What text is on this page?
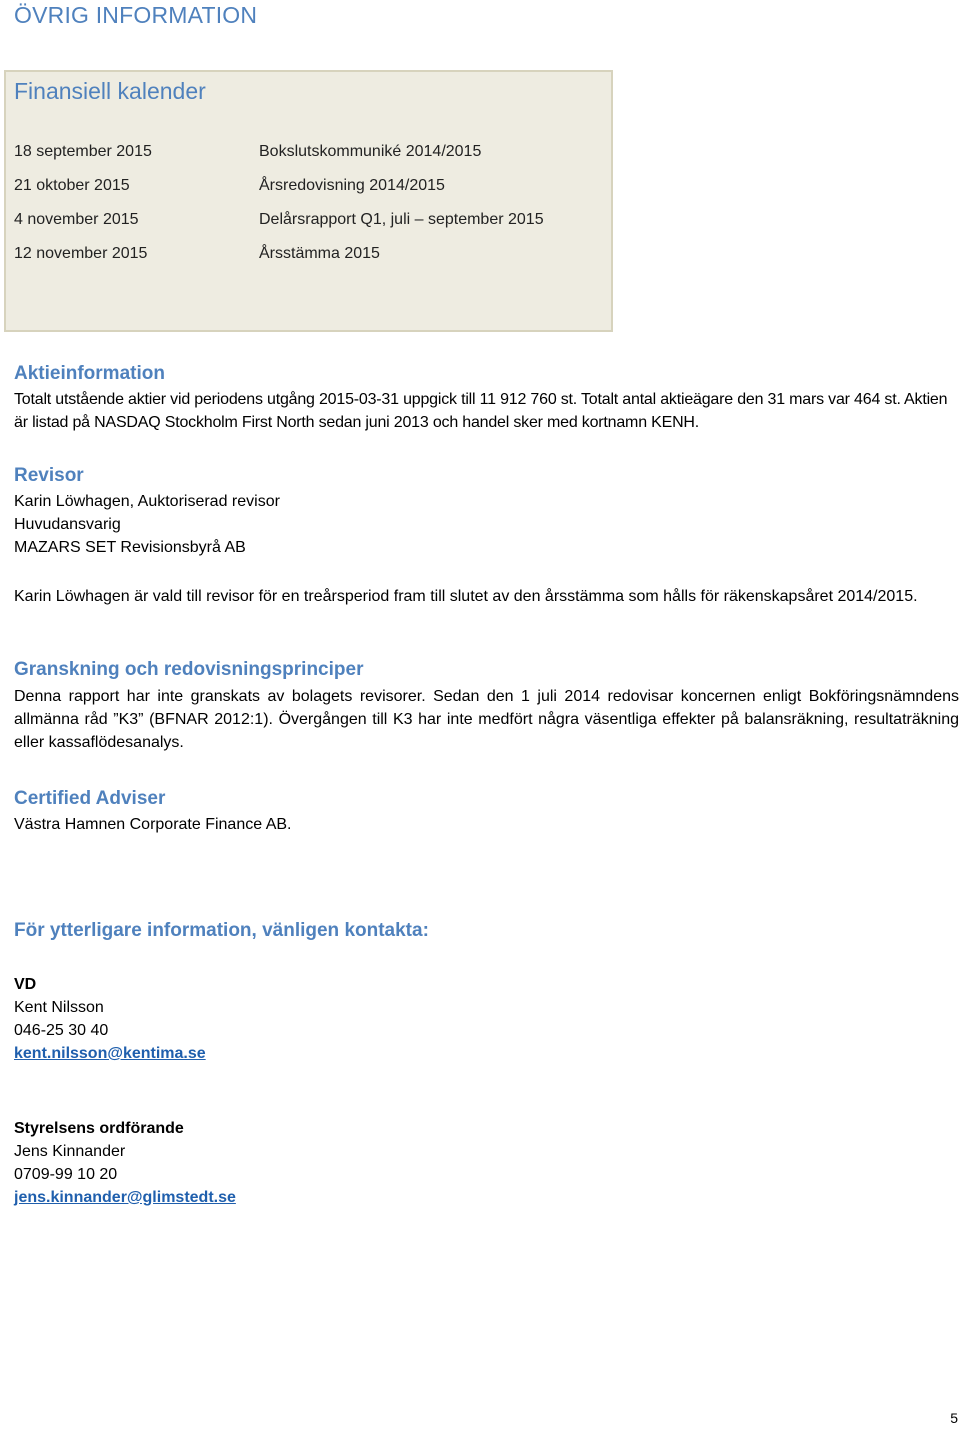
ÖVRIG INFORMATION
Finansiell kalender
18 september 2015	Bokslutskommuniké 2014/2015
21 oktober 2015	Årsredovisning 2014/2015
4 november 2015	Delårsrapport Q1, juli – september 2015
12 november 2015	Årsstämma 2015
Aktieinformation
Totalt utstående aktier vid periodens utgång 2015-03-31 uppgick till 11 912 760 st. Totalt antal aktieägare den 31 mars var 464 st. Aktien är listad på NASDAQ Stockholm First North sedan juni 2013 och handel sker med kortnamn KENH.
Revisor
Karin Löwhagen, Auktoriserad revisor
Huvudansvarig
MAZARS SET Revisionsbyrå AB
Karin Löwhagen är vald till revisor för en treårsperiod fram till slutet av den årsstämma som hålls för räkenskapsåret 2014/2015.
Granskning och redovisningsprinciper
Denna rapport har inte granskats av bolagets revisorer. Sedan den 1 juli 2014 redovisar koncernen enligt Bokföringsnämndens allmänna råd ”K3” (BFNAR 2012:1). Övergången till K3 har inte medfört några väsentliga effekter på balansräkning, resultaträkning eller kassaflödesanalys.
Certified Adviser
Västra Hamnen Corporate Finance AB.
För ytterligare information, vänligen kontakta:
VD
Kent Nilsson
046-25 30 40
kent.nilsson@kentima.se
Styrelsens ordförande
Jens Kinnander
0709-99 10 20
jens.kinnander@glimstedt.se
5
